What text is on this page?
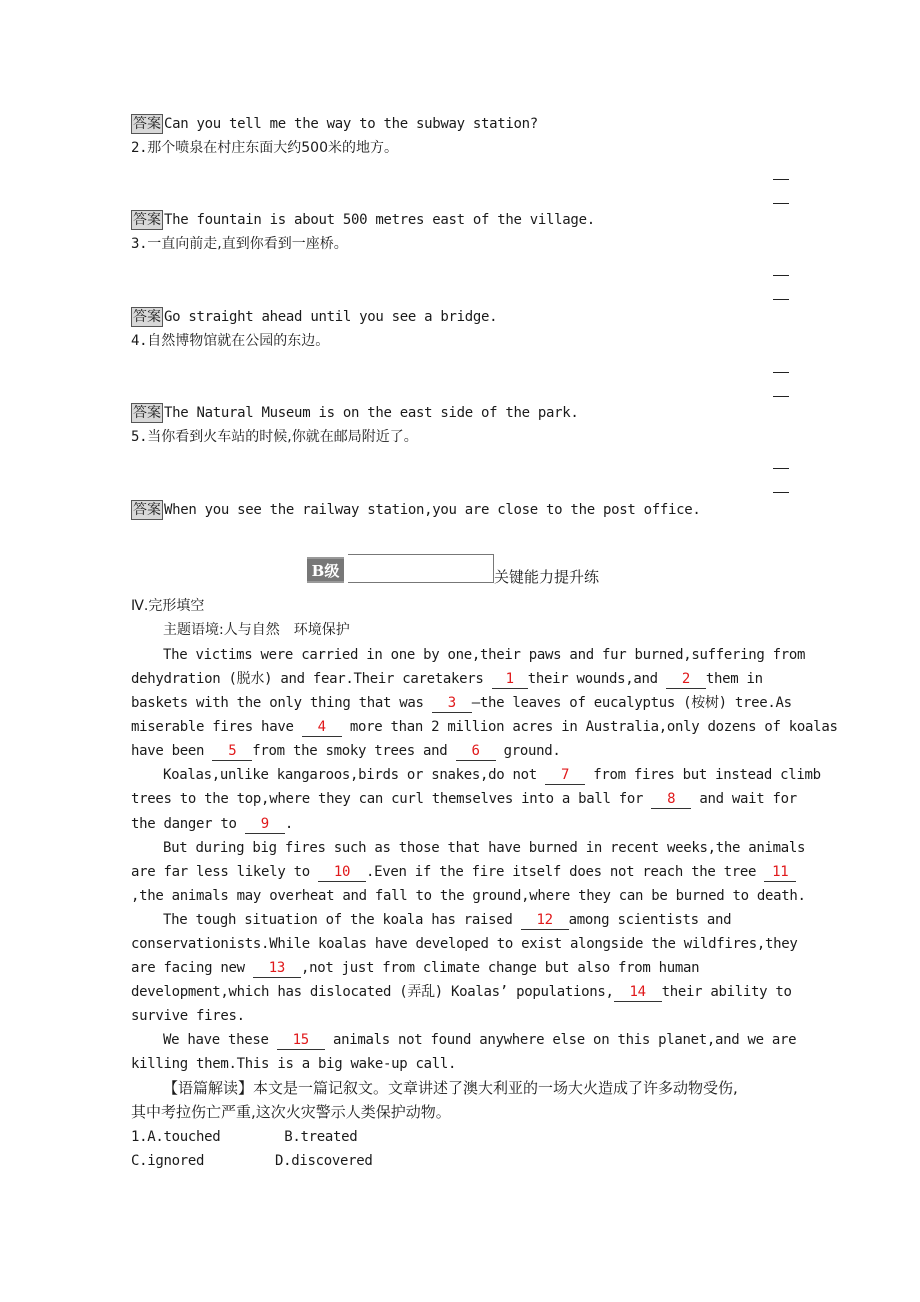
答案 Can you tell me the way to the subway station?
2.那个喷泉在村庄东面大约500米的地方。
答案 The fountain is about 500 metres east of the village.
3.一直向前走,直到你看到一座桥。
答案 Go straight ahead until you see a bridge.
4.自然博物馆就在公园的东边。
答案 The Natural Museum is on the east side of the park.
5.当你看到火车站的时候,你就在邮局附近了。
答案 When you see the railway station,you are close to the post office.
B级	关键能力提升练
Ⅳ.完形填空
主题语境:人与自然　环境保护
The victims were carried in one by one,their paws and fur burned,suffering from
dehydration (脱水) and fear.Their caretakers 1 their wounds,and 2 them in
baskets with the only thing that was 3 —the leaves of eucalyptus (桉树) tree.As
miserable fires have 4 more than 2 million acres in Australia,only dozens of koalas
have been 5 from the smoky trees and 6 ground.
Koalas,unlike kangaroos,birds or snakes,do not 7 from fires but instead climb
trees to the top,where they can curl themselves into a ball for 8 and wait for
the danger to 9 .
But during big fires such as those that have burned in recent weeks,the animals
are far less likely to 10 .Even if the fire itself does not reach the tree 11
,the animals may overheat and fall to the ground,where they can be burned to death.
The tough situation of the koala has raised 12 among scientists and
conservationists.While koalas have developed to exist alongside the wildfires,they
are facing new 13 ,not just from climate change but also from human
development,which has dislocated (弄乱) Koalas’ populations, 14 their ability to
survive fires.
We have these 15 animals not found anywhere else on this planet,and we are
killing them.This is a big wake-up call.
【语篇解读】本文是一篇记叙文。文章讲述了澳大利亚的一场大火造成了许多动物受伤,
其中考拉伤亡严重,这次火灾警示人类保护动物。
1.A.touched	B.treated
C.ignored	D.discovered
